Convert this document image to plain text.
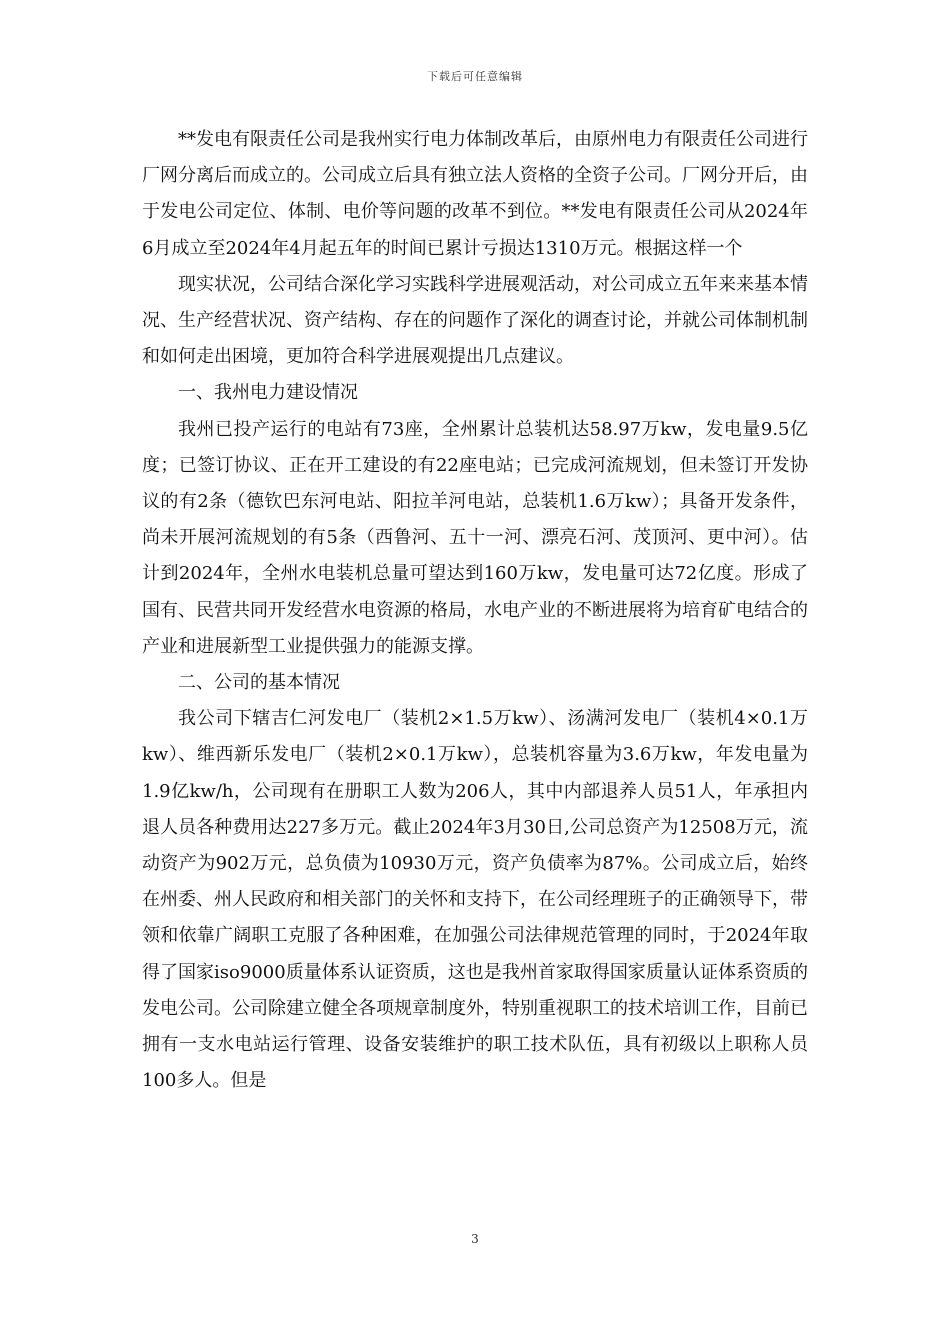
下载后可任意编辑

**发电有限责任公司是我州实行电力体制改革后，由原州电力有限责任公司进行厂网分离后而成立的。公司成立后具有独立法人资格的全资子公司。厂网分开后，由于发电公司定位、体制、电价等问题的改革不到位。**发电有限责任公司从2024年6月成立至2024年4月起五年的时间已累计亏损达1310万元。根据这样一个

现实状况，公司结合深化学习实践科学进展观活动，对公司成立五年来来基本情况、生产经营状况、资产结构、存在的问题作了深化的调查讨论，并就公司体制机制和如何走出困境，更加符合科学进展观提出几点建议。

一、我州电力建设情况

我州已投产运行的电站有73座，全州累计总装机达58.97万kw，发电量9.5亿度；已签订协议、正在开工建设的有22座电站；已完成河流规划，但未签订开发协议的有2条（德钦巴东河电站、阳拉羊河电站，总装机1.6万kw）；具备开发条件，尚未开展河流规划的有5条（西鲁河、五十一河、漂亮石河、茂顶河、更中河）。估计到2024年，全州水电装机总量可望达到160万kw，发电量可达72亿度。形成了国有、民营共同开发经营水电资源的格局，水电产业的不断进展将为培育矿电结合的产业和进展新型工业提供强力的能源支撑。

二、公司的基本情况

我公司下辖吉仁河发电厂（装机2×1.5万kw）、汤满河发电厂（装机4×0.1万kw）、维西新乐发电厂（装机2×0.1万kw），总装机容量为3.6万kw，年发电量为1.9亿kw/h，公司现有在册职工人数为206人，其中内部退养人员51人，年承担内退人员各种费用达227多万元。截止2024年3月30日,公司总资产为12508万元，流动资产为902万元，总负债为10930万元，资产负债率为87%。公司成立后，始终在州委、州人民政府和相关部门的关怀和支持下，在公司经理班子的正确领导下，带领和依靠广阔职工克服了各种困难，在加强公司法律规范管理的同时，于2024年取得了国家iso9000质量体系认证资质，这也是我州首家取得国家质量认证体系资质的发电公司。公司除建立健全各项规章制度外，特别重视职工的技术培训工作，目前已拥有一支水电站运行管理、设备安装维护的职工技术队伍，具有初级以上职称人员100多人。但是

3
